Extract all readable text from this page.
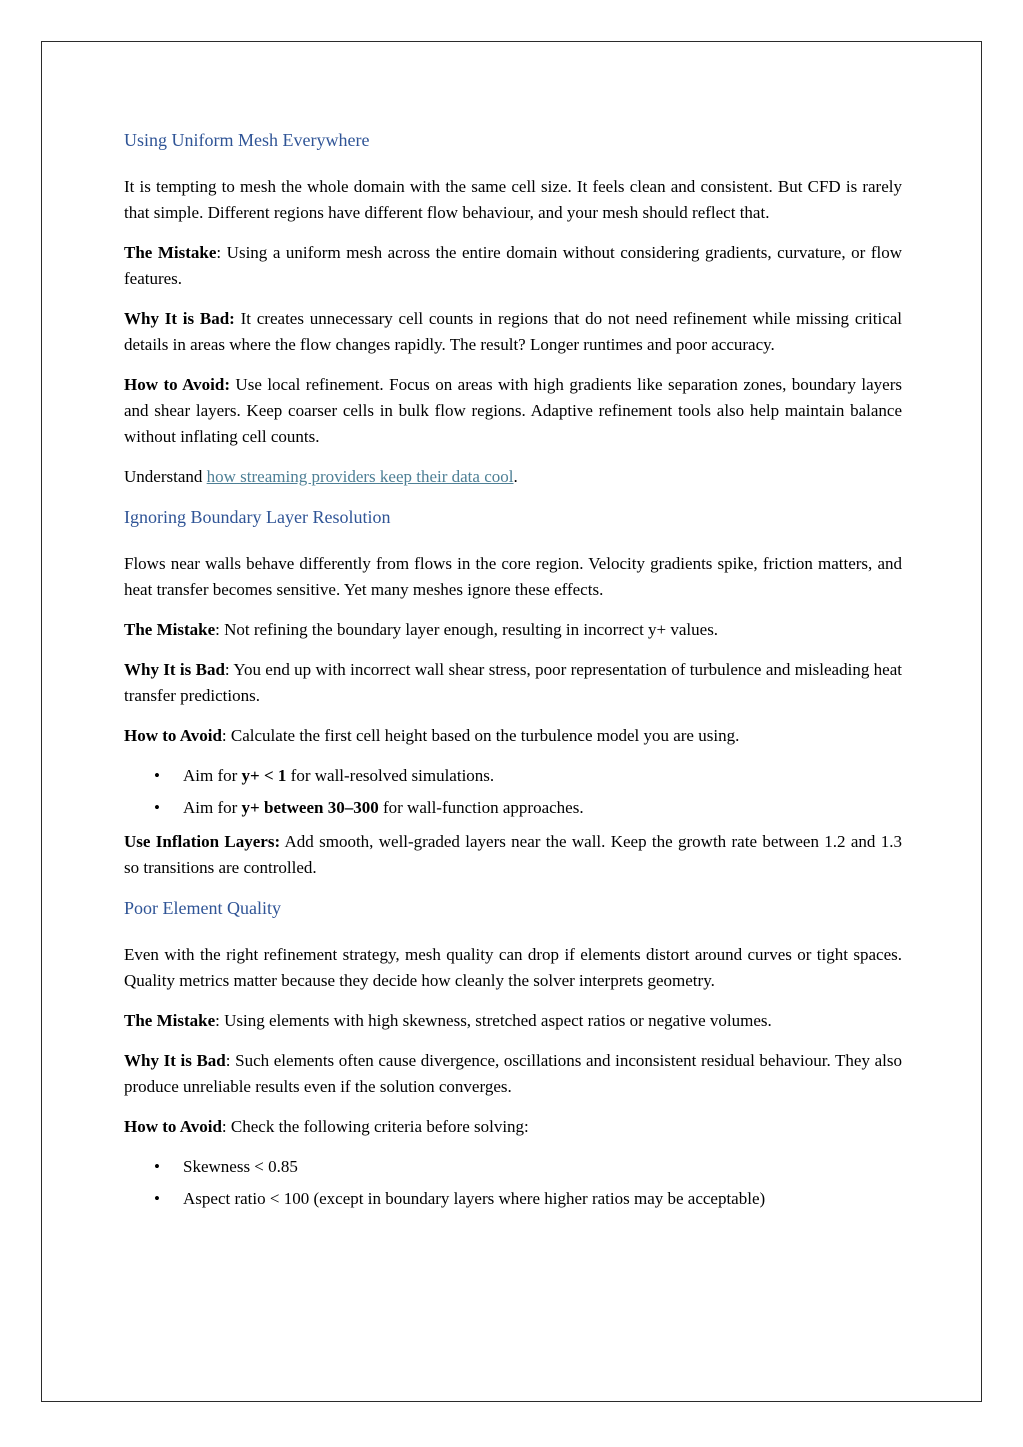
Using Uniform Mesh Everywhere

It is tempting to mesh the whole domain with the same cell size. It feels clean and consistent. But CFD is rarely that simple. Different regions have different flow behaviour, and your mesh should reflect that.

The Mistake: Using a uniform mesh across the entire domain without considering gradients, curvature, or flow features.

Why It is Bad: It creates unnecessary cell counts in regions that do not need refinement while missing critical details in areas where the flow changes rapidly. The result? Longer runtimes and poor accuracy.

How to Avoid: Use local refinement. Focus on areas with high gradients like separation zones, boundary layers and shear layers. Keep coarser cells in bulk flow regions. Adaptive refinement tools also help maintain balance without inflating cell counts.

Understand how streaming providers keep their data cool.

Ignoring Boundary Layer Resolution

Flows near walls behave differently from flows in the core region. Velocity gradients spike, friction matters, and heat transfer becomes sensitive. Yet many meshes ignore these effects.

The Mistake: Not refining the boundary layer enough, resulting in incorrect y+ values.

Why It is Bad: You end up with incorrect wall shear stress, poor representation of turbulence and misleading heat transfer predictions.

How to Avoid: Calculate the first cell height based on the turbulence model you are using.

• Aim for y+ < 1 for wall-resolved simulations.
• Aim for y+ between 30–300 for wall-function approaches.

Use Inflation Layers: Add smooth, well-graded layers near the wall. Keep the growth rate between 1.2 and 1.3 so transitions are controlled.

Poor Element Quality

Even with the right refinement strategy, mesh quality can drop if elements distort around curves or tight spaces. Quality metrics matter because they decide how cleanly the solver interprets geometry.

The Mistake: Using elements with high skewness, stretched aspect ratios or negative volumes.

Why It is Bad: Such elements often cause divergence, oscillations and inconsistent residual behaviour. They also produce unreliable results even if the solution converges.

How to Avoid: Check the following criteria before solving:

• Skewness < 0.85
• Aspect ratio < 100 (except in boundary layers where higher ratios may be acceptable)
